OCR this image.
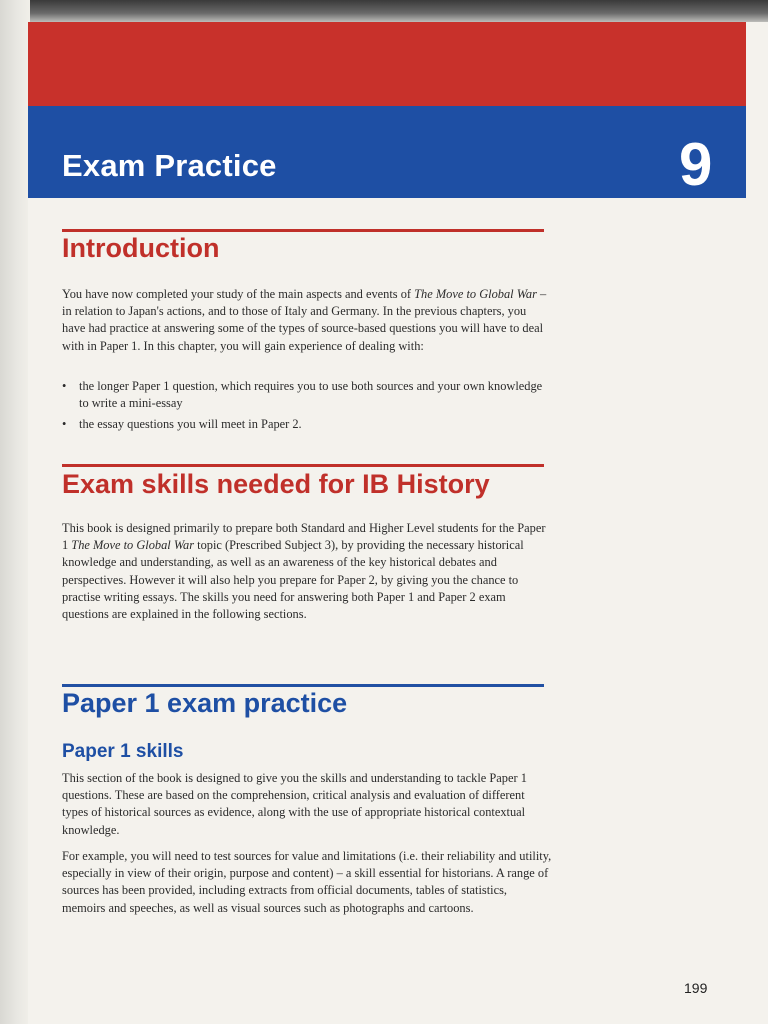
Exam Practice	9
Introduction

You have now completed your study of the main aspects and events of The Move to Global War – in relation to Japan's actions, and to those of Italy and Germany. In the previous chapters, you have had practice at answering some of the types of source-based questions you will have to deal with in Paper 1. In this chapter, you will gain experience of dealing with:

• the longer Paper 1 question, which requires you to use both sources and your own knowledge to write a mini-essay
• the essay questions you will meet in Paper 2.
Exam skills needed for IB History

This book is designed primarily to prepare both Standard and Higher Level students for the Paper 1 The Move to Global War topic (Prescribed Subject 3), by providing the necessary historical knowledge and understanding, as well as an awareness of the key historical debates and perspectives. However it will also help you prepare for Paper 2, by giving you the chance to practise writing essays. The skills you need for answering both Paper 1 and Paper 2 exam questions are explained in the following sections.

Paper 1 exam practice
Paper 1 skills

This section of the book is designed to give you the skills and understanding to tackle Paper 1 questions. These are based on the comprehension, critical analysis and evaluation of different types of historical sources as evidence, along with the use of appropriate historical contextual knowledge.

For example, you will need to test sources for value and limitations (i.e. their reliability and utility, especially in view of their origin, purpose and content) – a skill essential for historians. A range of sources has been provided, including extracts from official documents, tables of statistics, memoirs and speeches, as well as visual sources such as photographs and cartoons.

199
